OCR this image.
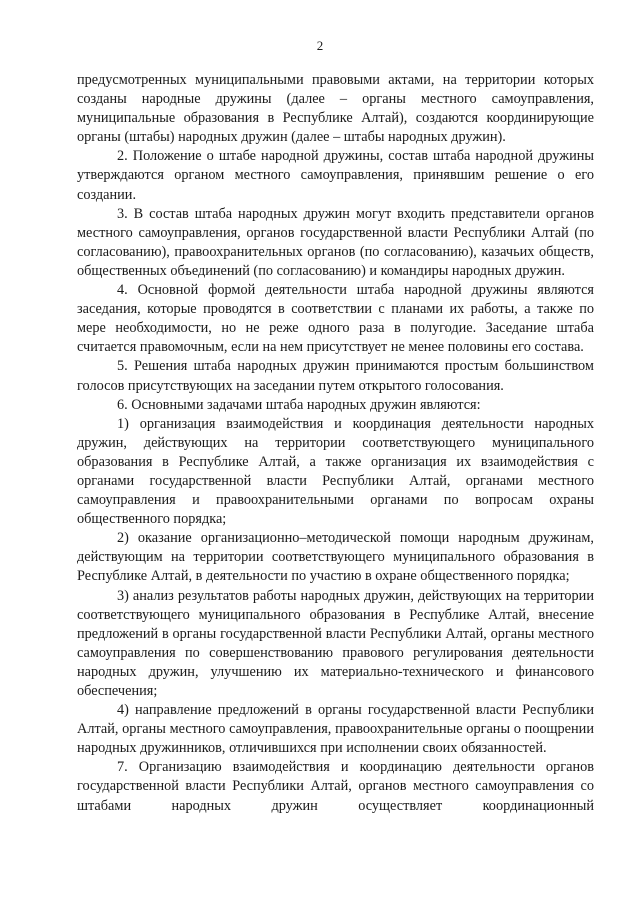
2

предусмотренных муниципальными правовыми актами, на территории которых созданы народные дружины (далее – органы местного самоуправления, муниципальные образования в Республике Алтай), создаются координирующие органы (штабы) народных дружин (далее – штабы народных дружин).

2. Положение о штабе народной дружины, состав штаба народной дружины утверждаются органом местного самоуправления, принявшим решение о его создании.

3. В состав штаба народных дружин могут входить представители органов местного самоуправления, органов государственной власти Республики Алтай (по согласованию), правоохранительных органов (по согласованию), казачьих обществ, общественных объединений (по согласованию) и командиры народных дружин.

4. Основной формой деятельности штаба народной дружины являются заседания, которые проводятся в соответствии с планами их работы, а также по мере необходимости, но не реже одного раза в полугодие. Заседание штаба считается правомочным, если на нем присутствует не менее половины его состава.

5. Решения штаба народных дружин принимаются простым большинством голосов присутствующих на заседании путем открытого голосования.

6. Основными задачами штаба народных дружин являются:

1) организация взаимодействия и координация деятельности народных дружин, действующих на территории соответствующего муниципального образования в Республике Алтай, а также организация их взаимодействия с органами государственной власти Республики Алтай, органами местного самоуправления и правоохранительными органами по вопросам охраны общественного порядка;

2) оказание организационно–методической помощи народным дружинам, действующим на территории соответствующего муниципального образования в Республике Алтай, в деятельности по участию в охране общественного порядка;

3) анализ результатов работы народных дружин, действующих на территории соответствующего муниципального образования в Республике Алтай, внесение предложений в органы государственной власти Республики Алтай, органы местного самоуправления по совершенствованию правового регулирования деятельности народных дружин, улучшению их материально-технического и финансового обеспечения;

4) направление предложений в органы государственной власти Республики Алтай, органы местного самоуправления, правоохранительные органы о поощрении народных дружинников, отличившихся при исполнении своих обязанностей.

7. Организацию взаимодействия и координацию деятельности органов государственной власти Республики Алтай, органов местного самоуправления со штабами народных дружин осуществляет координационный
